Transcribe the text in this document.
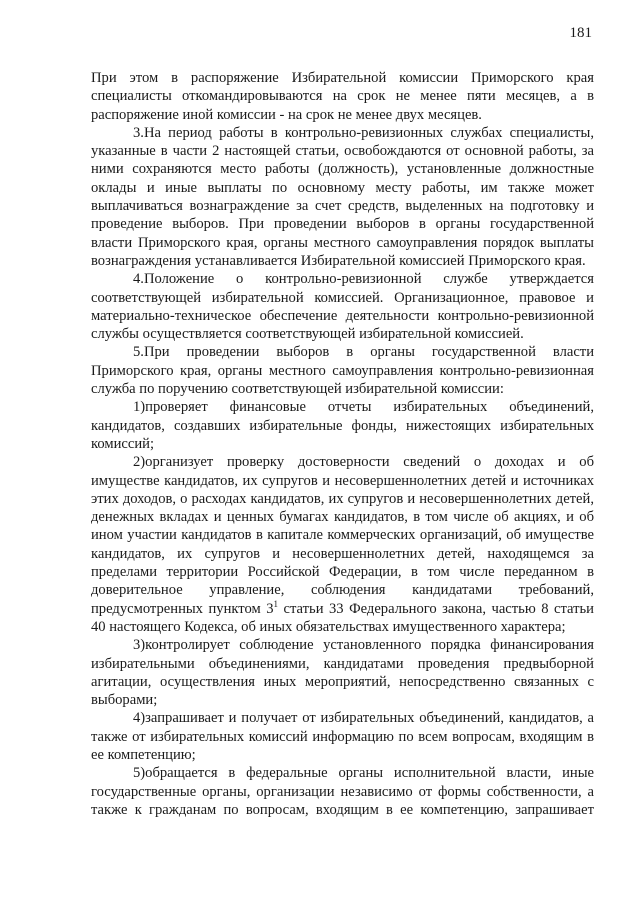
181

При этом в распоряжение Избирательной комиссии Приморского края специалисты откомандировываются на срок не менее пяти месяцев, а в распоряжение иной комиссии - на срок не менее двух месяцев.

3.На период работы в контрольно-ревизионных службах специалисты, указанные в части 2 настоящей статьи, освобождаются от основной работы, за ними сохраняются место работы (должность), установленные должностные оклады и иные выплаты по основному месту работы, им также может выплачиваться вознаграждение за счет средств, выделенных на подготовку и проведение выборов. При проведении выборов в органы государственной власти Приморского края, органы местного самоуправления порядок выплаты вознаграждения устанавливается Избирательной комиссией Приморского края.

4.Положение о контрольно-ревизионной службе утверждается соответствующей избирательной комиссией. Организационное, правовое и материально-техническое обеспечение деятельности контрольно-ревизионной службы осуществляется соответствующей избирательной комиссией.

5.При проведении выборов в органы государственной власти Приморского края, органы местного самоуправления контрольно-ревизионная служба по поручению соответствующей избирательной комиссии:

1)проверяет финансовые отчеты избирательных объединений, кандидатов, создавших избирательные фонды, нижестоящих избирательных комиссий;

2)организует проверку достоверности сведений о доходах и об имуществе кандидатов, их супругов и несовершеннолетних детей и источниках этих доходов, о расходах кандидатов, их супругов и несовершеннолетних детей, денежных вкладах и ценных бумагах кандидатов, в том числе об акциях, и об ином участии кандидатов в капитале коммерческих организаций, об имуществе кандидатов, их супругов и несовершеннолетних детей, находящемся за пределами территории Российской Федерации, в том числе переданном в доверительное управление, соблюдения кандидатами требований, предусмотренных пунктом $3^1$ статьи 33 Федерального закона, частью 8 статьи 40 настоящего Кодекса, об иных обязательствах имущественного характера;

3)контролирует соблюдение установленного порядка финансирования избирательными объединениями, кандидатами проведения предвыборной агитации, осуществления иных мероприятий, непосредственно связанных с выборами;

4)запрашивает и получает от избирательных объединений, кандидатов, а также от избирательных комиссий информацию по всем вопросам, входящим в ее компетенцию;

5)обращается в федеральные органы исполнительной власти, иные государственные органы, организации независимо от формы собственности, а также к гражданам по вопросам, входящим в ее компетенцию, запрашивает
